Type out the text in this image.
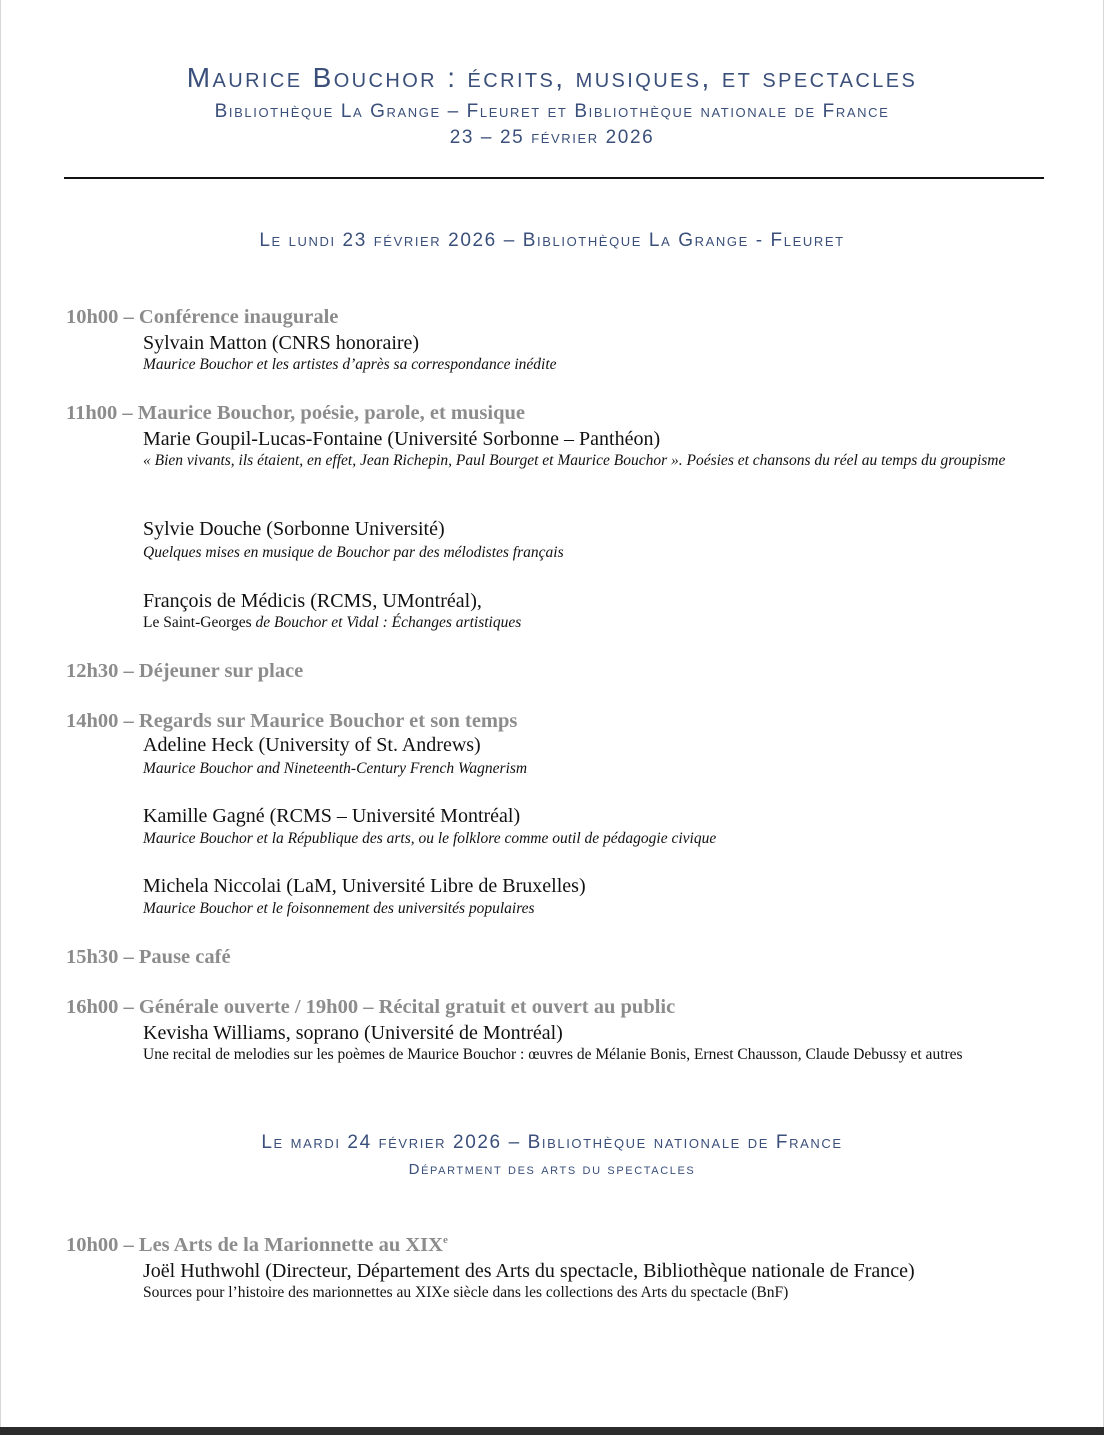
Maurice Bouchor : écrits, musiques, et spectacles
Bibliothèque La Grange – Fleuret et Bibliothèque nationale de France
23 – 25 février 2026
Le lundi 23 février 2026 – Bibliothèque La Grange - Fleuret
10h00 – Conférence inaugurale
Sylvain Matton (CNRS honoraire)
Maurice Bouchor et les artistes d’après sa correspondance inédite
11h00 – Maurice Bouchor, poésie, parole, et musique
Marie Goupil-Lucas-Fontaine (Université Sorbonne – Panthéon)
« Bien vivants, ils étaient, en effet, Jean Richepin, Paul Bourget et Maurice Bouchor ». Poésies et chansons du réel au temps du groupisme
Sylvie Douche (Sorbonne Université)
Quelques mises en musique de Bouchor par des mélodistes français
François de Médicis (RCMS, UMontréal),
Le Saint-Georges de Bouchor et Vidal : Échanges artistiques
12h30 – Déjeuner sur place
14h00 – Regards sur Maurice Bouchor et son temps
Adeline Heck (University of St. Andrews)
Maurice Bouchor and Nineteenth-Century French Wagnerism
Kamille Gagné (RCMS – Université Montréal)
Maurice Bouchor et la République des arts, ou le folklore comme outil de pédagogie civique
Michela Niccolai (LaM, Université Libre de Bruxelles)
Maurice Bouchor et le foisonnement des universités populaires
15h30 – Pause café
16h00 – Générale ouverte / 19h00 – Récital gratuit et ouvert au public
Kevisha Williams, soprano (Université de Montréal)
Une recital de melodies sur les poèmes de Maurice Bouchor : œuvres de Mélanie Bonis, Ernest Chausson, Claude Debussy et autres
Le mardi 24 février 2026 – Bibliothèque nationale de France
Départment des arts du spectacles
10h00 – Les Arts de la Marionnette au XIXe
Joël Huthwohl (Directeur, Département des Arts du spectacle, Bibliothèque nationale de France)
Sources pour l’histoire des marionnettes au XIXe siècle dans les collections des Arts du spectacle (BnF)
